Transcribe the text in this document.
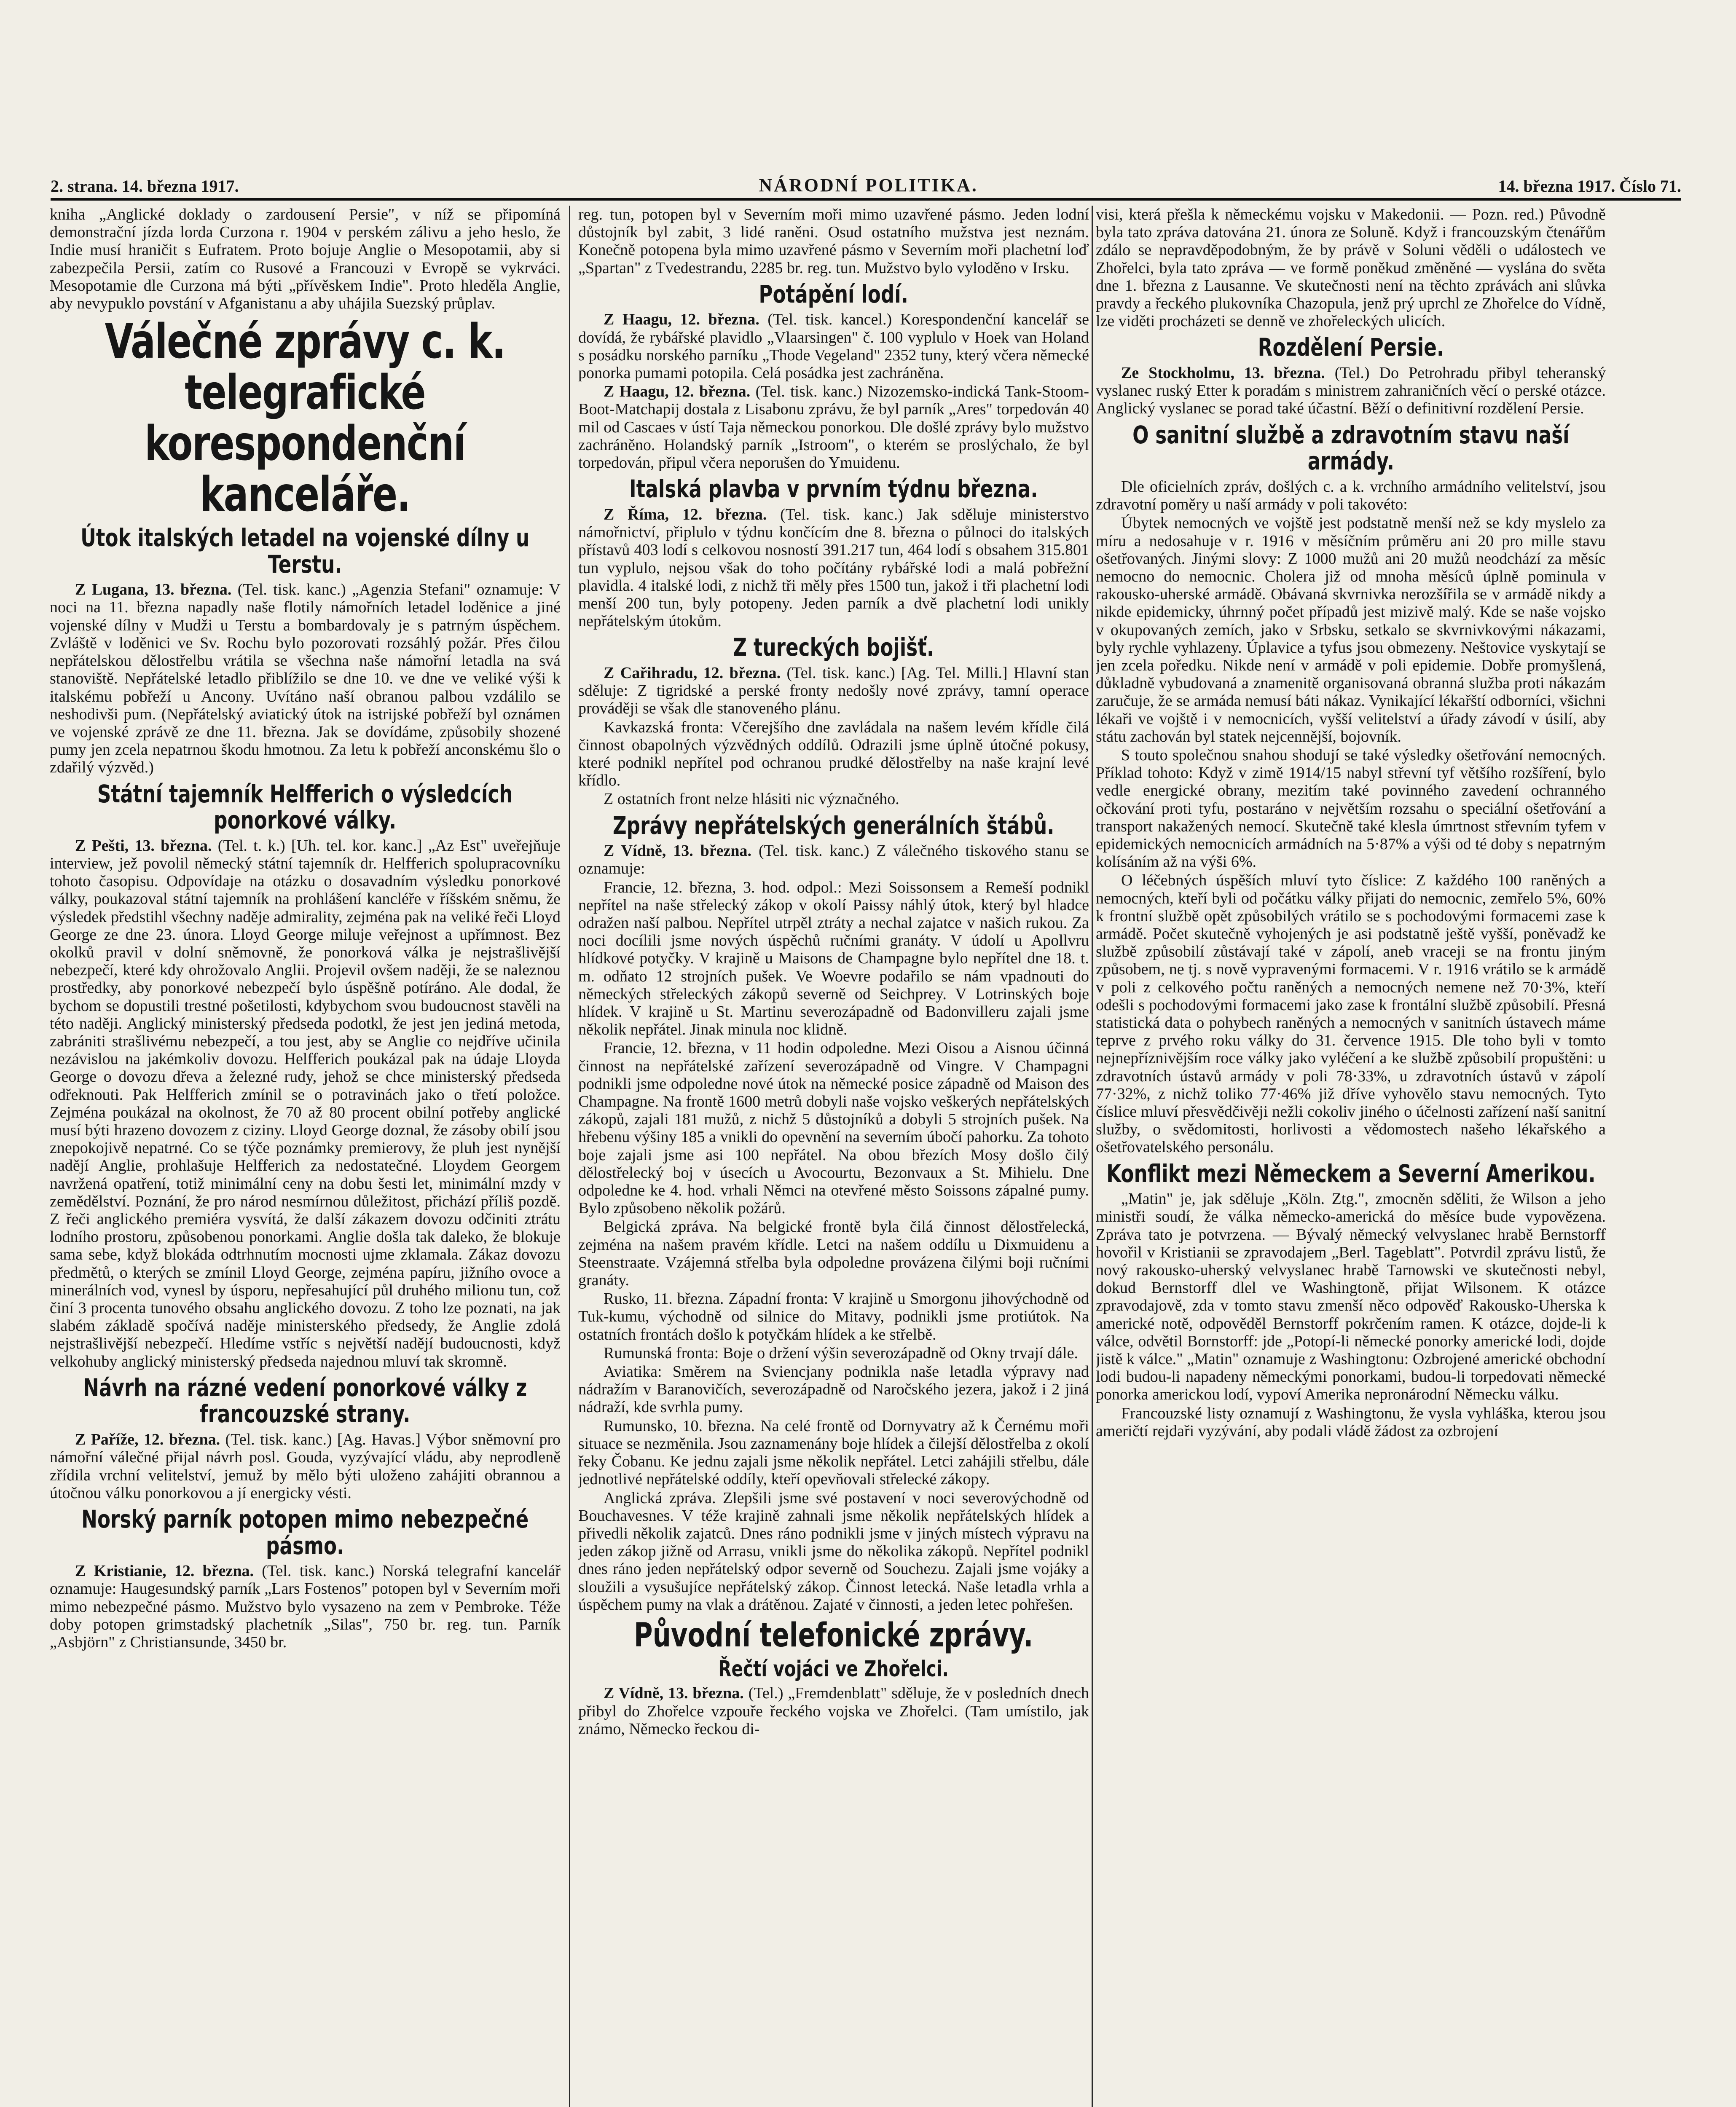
2. strana. 14. března 1917.	NÁRODNÍ POLITIKA.	14. března 1917. Číslo 71.

kniha „Anglické doklady o zardousení Persie", v níž se připomíná demonstrační jízda lorda Curzona r. 1904 v perském zálivu a jeho heslo, že Indie musí hraničit s Eufratem. Proto bojuje Anglie o Mesopotamii, aby si zabezpečila Persii, zatím co Rusové a Francouzi v Evropě se vykrváci. Mesopotamie dle Curzona má býti „přívěskem Indie". Proto hleděla Anglie, aby nevypuklo povstání v Afganistanu a aby uhájila Suezský průplav.

Válečné zprávy c. k. telegrafické korespondenční kanceláře.
Útok italských letadel na vojenské dílny u Terstu.

Z Lugana, 13. března. (Tel. tisk. kanc.) „Agenzia Stefani" oznamuje: V noci na 11. března napadly naše flotily námořních letadel loděnice a jiné vojenské dílny v Mudži u Terstu a bombardovaly je s patrným úspěchem. Zvláště v loděnici ve Sv. Rochu bylo pozorovati rozsáhlý požár. Přes čilou nepřátelskou dělostřelbu vrátila se všechna naše námořní letadla na svá stanoviště. Nepřátelské letadlo přiblížilo se dne 10. ve dne ve veliké výši k italskému pobřeží u Ancony. Uvítáno naší obranou palbou vzdálilo se neshodivši pum. (Nepřátelský aviatický útok na istrijské pobřeží byl oznámen ve vojenské zprávě ze dne 11. března. Jak se dovídáme, způsobily shozené pumy jen zcela nepatrnou škodu hmotnou. Za letu k pobřeží anconskému šlo o zdařilý výzvěd.)

Státní tajemník Helfferich o výsledcích ponorkové války.

Z Pešti, 13. března. (Tel. t. k.) [Uh. tel. kor. kanc.] „Az Est" uveřejňuje interview, jež povolil německý státní tajemník dr. Helfferich spolupracovníku tohoto časopisu. Odpovídaje na otázku o dosavadním výsledku ponorkové války, poukazoval státní tajemník na prohlášení kancléře v říšském sněmu, že výsledek předstihl všechny naděje admirality, zejména pak na veliké řeči Lloyd George ze dne 23. února. Lloyd George miluje veřejnost a upřímnost. Bez okolků pravil v dolní sněmovně, že ponorková válka je nejstrašlivější nebezpečí, které kdy ohrožovalo Anglii. Projevil ovšem naději, že se naleznou prostředky, aby ponorkové nebezpečí bylo úspěšně potíráno. Ale dodal, že bychom se dopustili trestné pošetilosti, kdybychom svou budoucnost stavěli na této naději. Anglický ministerský předseda podotkl, že jest jen jediná metoda, zabrániti strašlivému nebezpečí, a tou jest, aby se Anglie co nejdříve učinila nezávislou na jakémkoliv dovozu. Helfferich poukázal pak na údaje Lloyda George o dovozu dřeva a železné rudy, jehož se chce ministerský předseda odřeknouti. Pak Helfferich zmínil se o potravinách jako o třetí položce. Zejména poukázal na okolnost, že 70 až 80 procent obilní potřeby anglické musí býti hrazeno dovozem z ciziny. Lloyd George doznal, že zásoby obilí jsou znepokojivě nepatrné. Co se týče poznámky premierovy, že pluh jest nynější nadějí Anglie, prohlašuje Helfferich za nedostatečné. Lloydem Georgem navržená opatření, totiž minimální ceny na dobu šesti let, minimální mzdy v zemědělství. Poznání, že pro národ nesmírnou důležitost, přichází příliš pozdě. Z řeči anglického premiéra vysvítá, že další zákazem dovozu odčiniti ztrátu lodního prostoru, způsobenou ponorkami. Anglie došla tak daleko, že blokuje sama sebe, když blokáda odtrhnutím mocnosti ujme zklamala. Zákaz dovozu předmětů, o kterých se zmínil Lloyd George, zejména papíru, jižního ovoce a minerálních vod, vynesl by úsporu, nepřesahující půl druhého milionu tun, což činí 3 procenta tunového obsahu anglického dovozu. Z toho lze poznati, na jak slabém základě spočívá naděje ministerského předsedy, že Anglie zdolá nejstrašlivější nebezpečí. Hledíme vstříc s největší nadějí budoucnosti, když velkohuby anglický ministerský předseda najednou mluví tak skromně.

Návrh na rázné vedení ponorkové války z francouzské strany.

Z Paříže, 12. března. (Tel. tisk. kanc.) [Ag. Havas.] Výbor sněmovní pro námořní válečné přijal návrh posl. Gouda, vyzývající vládu, aby neprodleně zřídila vrchní velitelství, jemuž by mělo býti uloženo zahájiti obrannou a útočnou válku ponorkovou a jí energicky vésti.

Norský parník potopen mimo nebezpečné pásmo.

Z Kristianie, 12. března. (Tel. tisk. kanc.) Norská telegrafní kancelář oznamuje: Haugesundský parník „Lars Fostenos" potopen byl v Severním moři mimo nebezpečné pásmo. Mužstvo bylo vysazeno na zem v Pembroke. Téže doby potopen grimstadský plachetník „Silas", 750 br. reg. tun. Parník „Asbjörn" z Christiansunde, 3450 br.

reg. tun, potopen byl v Severním moři mimo uzavřené pásmo. Jeden lodní důstojník byl zabit, 3 lidé raněni. Osud ostatního mužstva jest neznám. Konečně potopena byla mimo uzavřené pásmo v Severním moři plachetní loď „Spartan" z Tvedestrandu, 2285 br. reg. tun. Mužstvo bylo vyloděno v Irsku.

Potápění lodí.

Z Haagu, 12. března. (Tel. tisk. kancel.) Korespondenční kancelář se dovídá, že rybářské plavidlo „Vlaarsingen" č. 100 vyplulo v Hoek van Holand s posádku norského parníku „Thode Vegeland" 2352 tuny, který včera německé ponorka pumami potopila. Celá posádka jest zachráněna.

Z Haagu, 12. března. (Tel. tisk. kanc.) Nizozemsko-indická Tank-Stoom-Boot-Matchapij dostala z Lisabonu zprávu, že byl parník „Ares" torpedován 40 mil od Cascaes v ústí Taja německou ponorkou. Dle došlé zprávy bylo mužstvo zachráněno. Holandský parník „Istroom", o kterém se proslýchalo, že byl torpedován, připul včera neporušen do Ymuidenu.

Italská plavba v prvním týdnu března.

Z Říma, 12. března. (Tel. tisk. kanc.) Jak sděluje ministerstvo námořnictví, připlulo v týdnu končícím dne 8. března o půlnoci do italských přístavů 403 lodí s celkovou nosností 391.217 tun, 464 lodí s obsahem 315.801 tun vyplulo, nejsou však do toho počítány rybářské lodi a malá pobřežní plavidla. 4 italské lodi, z nichž tři měly přes 1500 tun, jakož i tři plachetní lodi menší 200 tun, byly potopeny. Jeden parník a dvě plachetní lodi unikly nepřátelským útokům.

Z tureckých bojišť.

Z Cařihradu, 12. března. (Tel. tisk. kanc.) [Ag. Tel. Milli.] Hlavní stan sděluje: Z tigridské a perské fronty nedošly nové zprávy, tamní operace prováději se však dle stanoveného plánu.

Kavkazská fronta: Včerejšího dne zavládala na našem levém křídle čilá činnost obapolných výzvědných oddílů. Odrazili jsme úplně útočné pokusy, které podnikl nepřítel pod ochranou prudké dělostřelby na naše krajní levé křídlo.

Z ostatních front nelze hlásiti nic význačného.

Zprávy nepřátelských generálních štábů.

Z Vídně, 13. března. (Tel. tisk. kanc.) Z válečného tiskového stanu se oznamuje:

Francie, 12. března, 3. hod. odpol.: Mezi Soissonsem a Remeší podnikl nepřítel na naše střelecký zákop v okolí Paissy náhlý útok, který byl hladce odražen naší palbou. Nepřítel utrpěl ztráty a nechal zajatce v našich rukou. Za noci docílili jsme nových úspěchů ručními granáty. V údolí u Apollvru hlídkové potyčky. V krajině u Maisons de Champagne bylo nepřítel dne 18. t. m. odňato 12 strojních pušek. Ve Woevre podařilo se nám vpadnouti do německých střeleckých zákopů severně od Seichprey. V Lotrinských boje hlídek. V krajině u St. Martinu severozápadně od Badonvilleru zajali jsme několik nepřátel. Jinak minula noc klidně.

Francie, 12. března, v 11 hodin odpoledne. Mezi Oisou a Aisnou účinná činnost na nepřátelské zařízení severozápadně od Vingre. V Champagni podnikli jsme odpoledne nové útok na německé posice západně od Maison des Champagne. Na frontě 1600 metrů dobyli naše vojsko veškerých nepřátelských zákopů, zajali 181 mužů, z nichž 5 důstojníků a dobyli 5 strojních pušek. Na hřebenu výšiny 185 a vnikli do opevnění na severním úbočí pahorku. Za tohoto boje zajali jsme asi 100 nepřátel. Na obou březích Mosy došlo čilý dělostřelecký boj v úsecích u Avocourtu, Bezonvaux a St. Mihielu. Dne odpoledne ke 4. hod. vrhali Němci na otevřené město Soissons zápalné pumy. Bylo způsobeno několik požárů.

Belgická zpráva. Na belgické frontě byla čilá činnost dělostřelecká, zejména na našem pravém křídle. Letci na našem oddílu u Dixmuidenu a Steenstraate. Vzájemná střelba byla odpoledne provázena čilými boji ručními granáty.

Rusko, 11. března. Západní fronta: V krajině u Smorgonu jihovýchodně od Tuk-kumu, východně od silnice do Mitavy, podnikli jsme protiútok. Na ostatních frontách došlo k potyčkám hlídek a ke střelbě.

Rumunská fronta: Boje o držení výšin severozápadně od Okny trvají dále.

Aviatika: Směrem na Sviencjany podnikla naše letadla výpravy nad nádražím v Baranovičích, severozápadně od Naročského jezera, jakož i 2 jiná nádraží, kde svrhla pumy.

Rumunsko, 10. března. Na celé frontě od Dornyvatry až k Černému moři situace se nezměnila. Jsou zaznamenány boje hlídek a čilejší dělostřelba z okolí řeky Čobanu. Ke jednu zajali jsme několik nepřátel. Letci zahájili střelbu, dále jednotlivé nepřátelské oddíly, kteří opevňovali střelecké zákopy.

Anglická zpráva. Zlepšili jsme své postavení v noci severovýchodně od Bouchavesnes. V téže krajině zahnali jsme několik nepřátelských hlídek a přivedli několik zajatců. Dnes ráno podnikli jsme v jiných místech výpravu na jeden zákop jižně od Arrasu, vnikli jsme do několika zákopů. Nepřítel podnikl dnes ráno jeden nepřátelský odpor severně od Souchezu. Zajali jsme vojáky a sloužili a vysušujíce nepřátelský zákop. Činnost letecká. Naše letadla vrhla a úspěchem pumy na vlak a drátěnou. Zajaté v činnosti, a jeden letec pohřešen.

Původní telefonické zprávy.
Řečtí vojáci ve Zhořelci.

Z Vídně, 13. března. (Tel.) „Fremdenblatt" sděluje, že v posledních dnech přibyl do Zhořelce vzpouře řeckého vojska ve Zhořelci. (Tam umístilo, jak známo, Německo řeckou di-

visi, která přešla k německému vojsku v Makedonii. — Pozn. red.) Původně byla tato zpráva datována 21. února ze Soluně. Když i francouzským čtenářům zdálo se nepravděpodobným, že by právě v Soluni věděli o událostech ve Zhořelci, byla tato zpráva — ve formě poněkud změněné — vyslána do světa dne 1. března z Lausanne. Ve skutečnosti není na těchto zprávách ani slůvka pravdy a řeckého plukovníka Chazopula, jenž prý uprchl ze Zhořelce do Vídně, lze viděti procházeti se denně ve zhořeleckých ulicích.

Rozdělení Persie.

Ze Stockholmu, 13. března. (Tel.) Do Petrohradu přibyl teheranský vyslanec ruský Etter k poradám s ministrem zahraničních věcí o perské otázce. Anglický vyslanec se porad také účastní. Běží o definitivní rozdělení Persie.

O sanitní službě a zdravotním stavu naší armády.

Dle oficielních zpráv, došlých c. a k. vrchního armádního velitelství, jsou zdravotní poměry u naší armády v poli takovéto:

Úbytek nemocných ve vojště jest podstatně menší než se kdy myslelo za míru a nedosahuje v r. 1916 v měsíčním průměru ani 20 pro mille stavu ošetřovaných. Jinými slovy: Z 1000 mužů ani 20 mužů neodchází za měsíc nemocno do nemocnic. Cholera již od mnoha měsíců úplně pominula v rakousko-uherské armádě. Obávaná skvrnivka nerozšířila se v armádě nikdy a nikde epidemicky, úhrnný počet případů jest mizivě malý. Kde se naše vojsko v okupovaných zemích, jako v Srbsku, setkalo se skvrnivkovými nákazami, byly rychle vyhlazeny. Úplavice a tyfus jsou obmezeny. Neštovice vyskytají se jen zcela poředku. Nikde není v armádě v poli epidemie. Dobře promyšlená, důkladně vybudovaná a znamenitě organisovaná obranná služba proti nákazám zaručuje, že se armáda nemusí báti nákaz. Vynikající lékařští odborníci, všichni lékaři ve vojště i v nemocnicích, vyšší velitelství a úřady závodí v úsilí, aby státu zachován byl statek nejcennější, bojovník.

S touto společnou snahou shodují se také výsledky ošetřování nemocných. Příklad tohoto: Když v zimě 1914/15 nabyl střevní tyf většího rozšíření, bylo vedle energické obrany, mezitím také povinného zavedení ochranného očkování proti tyfu, postaráno v největším rozsahu o speciální ošetřování a transport nakažených nemocí. Skutečně také klesla úmrtnost střevním tyfem v epidemických nemocnicích armádních na 5·87% a výši od té doby s nepatrným kolísáním až na výši 6%.

O léčebných úspěších mluví tyto číslice: Z každého 100 raněných a nemocných, kteří byli od počátku války přijati do nemocnic, zemřelo 5%, 60% k frontní službě opět způsobilých vrátilo se s pochodovými formacemi zase k armádě. Počet skutečně vyhojených je asi podstatně ještě vyšší, poněvadž ke službě způsobilí zůstávají také v zápolí, aneb vraceji se na frontu jiným způsobem, ne tj. s nově vypravenými formacemi. V r. 1916 vrátilo se k armádě v poli z celkového počtu raněných a nemocných nemene než 70·3%, kteří odešli s pochodovými formacemi jako zase k frontální službě způsobilí. Přesná statistická data o pohybech raněných a nemocných v sanitních ústavech máme teprve z prvého roku války do 31. července 1915. Dle toho byli v tomto nejnepříznivějším roce války jako vyléčení a ke službě způsobilí propuštěni: u zdravotních ústavů armády v poli 78·33%, u zdravotních ústavů v zápolí 77·32%, z nichž toliko 77·46% již dříve vyhovělo stavu nemocných. Tyto číslice mluví přesvědčivěji nežli cokoliv jiného o účelnosti zařízení naší sanitní služby, o svědomitosti, horlivosti a vědomostech našeho lékařského a ošetřovatelského personálu.

Konflikt mezi Německem a Severní Amerikou.

„Matin" je, jak sděluje „Köln. Ztg.", zmocněn sděliti, že Wilson a jeho ministři soudí, že válka německo-americká do měsíce bude vypovězena. Zpráva tato je potvrzena. — Bývalý německý velvyslanec hrabě Bernstorff hovořil v Kristianii se zpravodajem „Berl. Tageblatt". Potvrdil zprávu listů, že nový rakousko-uherský velvyslanec hrabě Tarnowski ve skutečnosti nebyl, dokud Bernstorff dlel ve Washingtoně, přijat Wilsonem. K otázce zpravodajově, zda v tomto stavu zmenší něco odpověď Rakousko-Uherska k americké notě, odpověděl Bernstorff pokrčením ramen. K otázce, dojde-li k válce, odvětil Bornstorff: jde „Potopí-li německé ponorky americké lodi, dojde jistě k válce." „Matin" oznamuje z Washingtonu: Ozbrojené americké obchodní lodi budou-li napadeny německými ponorkami, budou-li torpedovati německé ponorka americkou lodí, vypoví Amerika nepronárodní Německu válku.

Francouzské listy oznamují z Washingtonu, že vysla vyhláška, kterou jsou američtí rejdaři vyzývání, aby podali vládě žádost za ozbrojení
